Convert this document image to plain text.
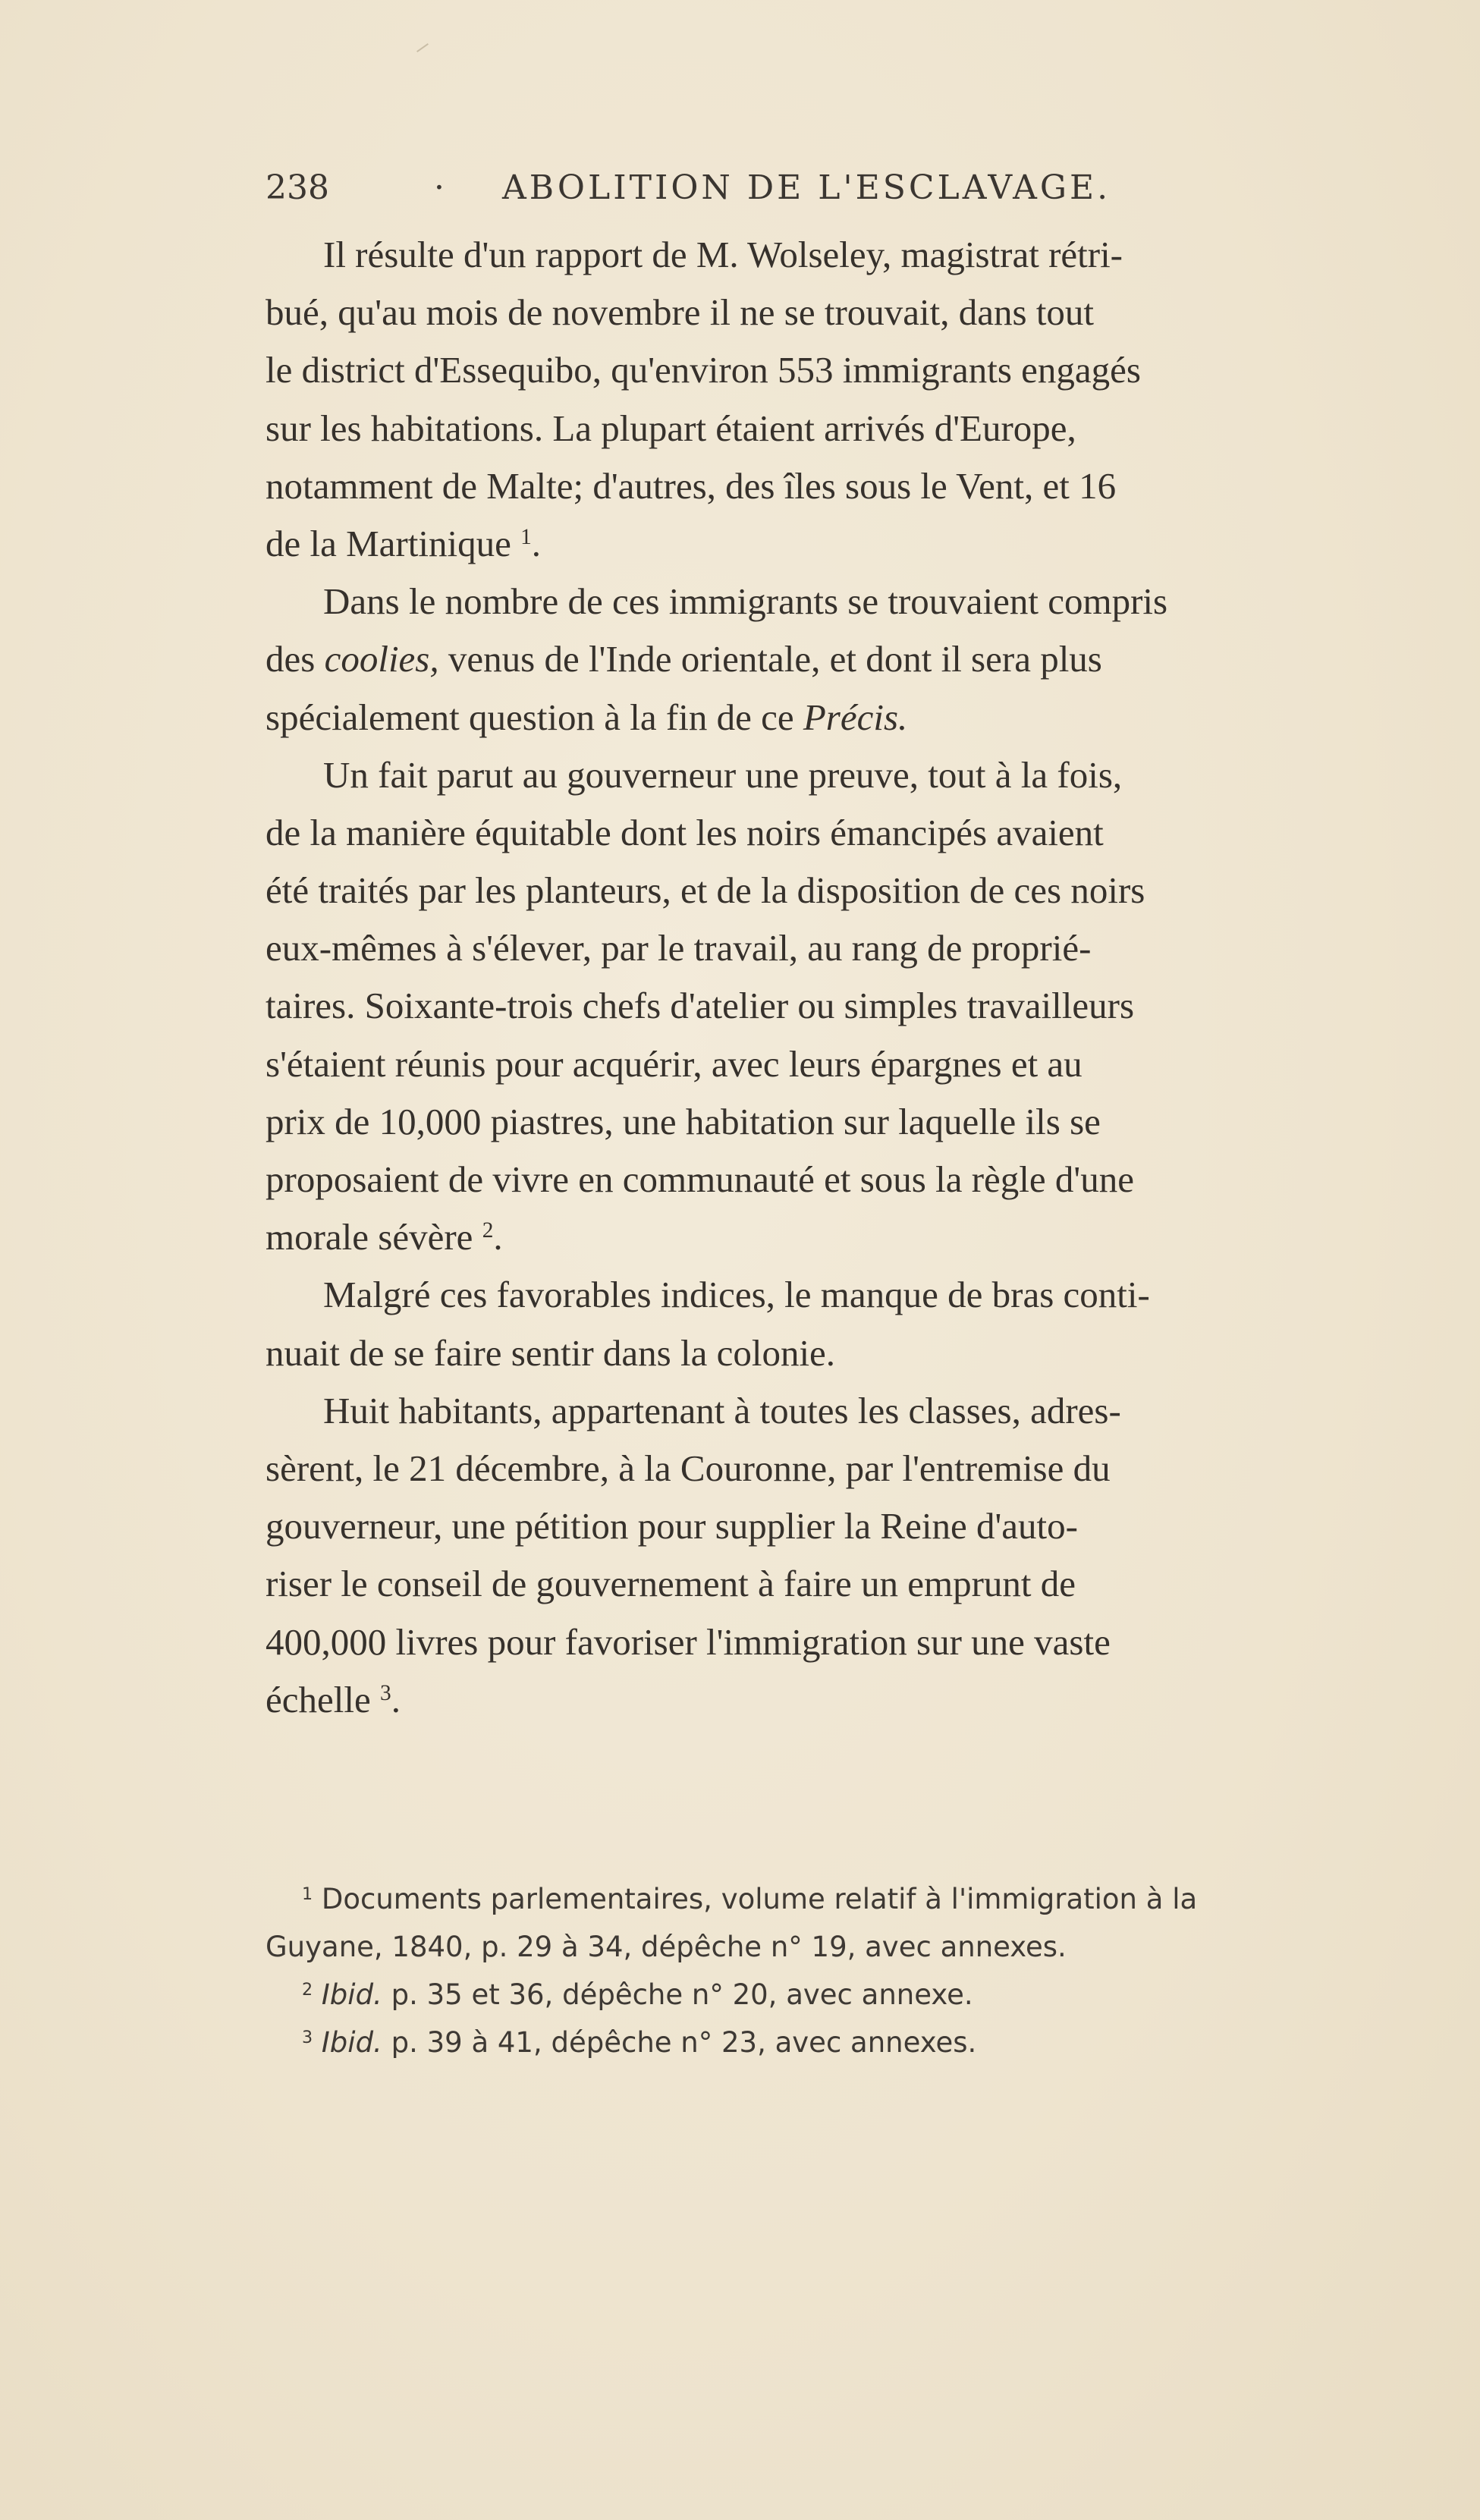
238	· ABOLITION DE L'ESCLAVAGE.
Il résulte d'un rapport de M. Wolseley, magistrat rétri-
bué, qu'au mois de novembre il ne se trouvait, dans tout
le district d'Essequibo, qu'environ 553 immigrants engagés
sur les habitations. La plupart étaient arrivés d'Europe,
notamment de Malte; d'autres, des îles sous le Vent, et 16
de la Martinique $^1$.
Dans le nombre de ces immigrants se trouvaient compris
des coolies, venus de l'Inde orientale, et dont il sera plus
spécialement question à la fin de ce Précis.
Un fait parut au gouverneur une preuve, tout à la fois,
de la manière équitable dont les noirs émancipés avaient
été traités par les planteurs, et de la disposition de ces noirs
eux-mêmes à s'élever, par le travail, au rang de proprié-
taires. Soixante-trois chefs d'atelier ou simples travailleurs
s'étaient réunis pour acquérir, avec leurs épargnes et au
prix de 10,000 piastres, une habitation sur laquelle ils se
proposaient de vivre en communauté et sous la règle d'une
morale sévère $^2$.
Malgré ces favorables indices, le manque de bras conti-
nuait de se faire sentir dans la colonie.
Huit habitants, appartenant à toutes les classes, adres-
sèrent, le 21 décembre, à la Couronne, par l'entremise du
gouverneur, une pétition pour supplier la Reine d'auto-
riser le conseil de gouvernement à faire un emprunt de
400,000 livres pour favoriser l'immigration sur une vaste
échelle $^3$.
$^1$ Documents parlementaires, volume relatif à l'immigration à la
Guyane, 1840, p. 29 à 34, dépêche n° 19, avec annexes.
$^2$ Ibid. p. 35 et 36, dépêche n° 20, avec annexe.
$^3$ Ibid. p. 39 à 41, dépêche n° 23, avec annexes.
